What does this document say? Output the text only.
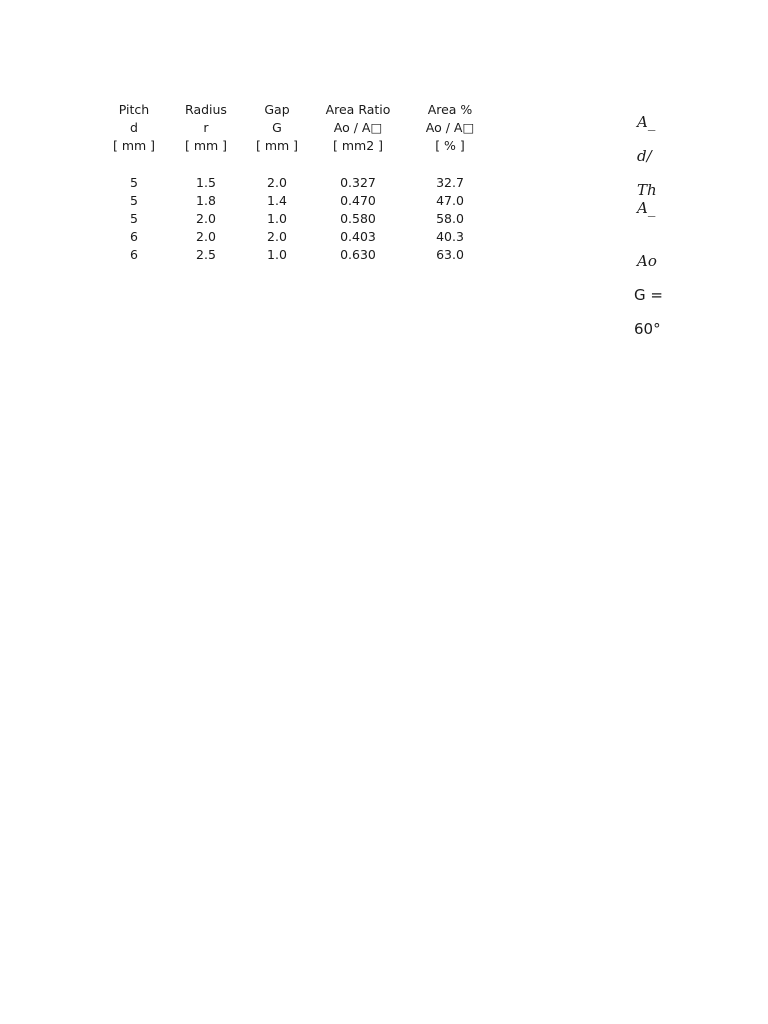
Pitch	Radius	Gap	Area Ratio	Area %
d	r	G	Ao / A□	Ao / A□
[ mm ]	[ mm ]	[ mm ]	[ mm2 ]	[ % ]
5	1.5	2.0	0.327	32.7
5	1.8	1.4	0.470	47.0
5	2.0	1.0	0.580	58.0
6	2.0	2.0	0.403	40.3
6	2.5	1.0	0.630	63.0
A_
d/
Th
A_
Ao
G =
60°
